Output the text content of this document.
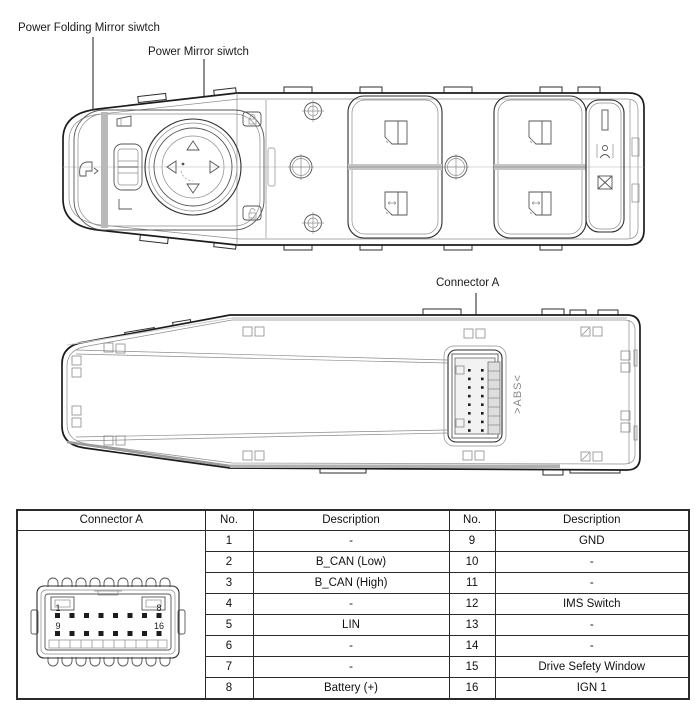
Power Folding Mirror siwtch
Power Mirror siwtch
Connector A
>ABS<
Connector A	No.	Description	No.	Description

1 8
9 16	1	-	9	GND
	2	B_CAN (Low)	10	-
	3	B_CAN (High)	11	-
	4	-	12	IMS Switch
	5	LIN	13	-
	6	-	14	-
	7	-	15	Drive Sefety Window
	8	Battery (+)	16	IGN 1
